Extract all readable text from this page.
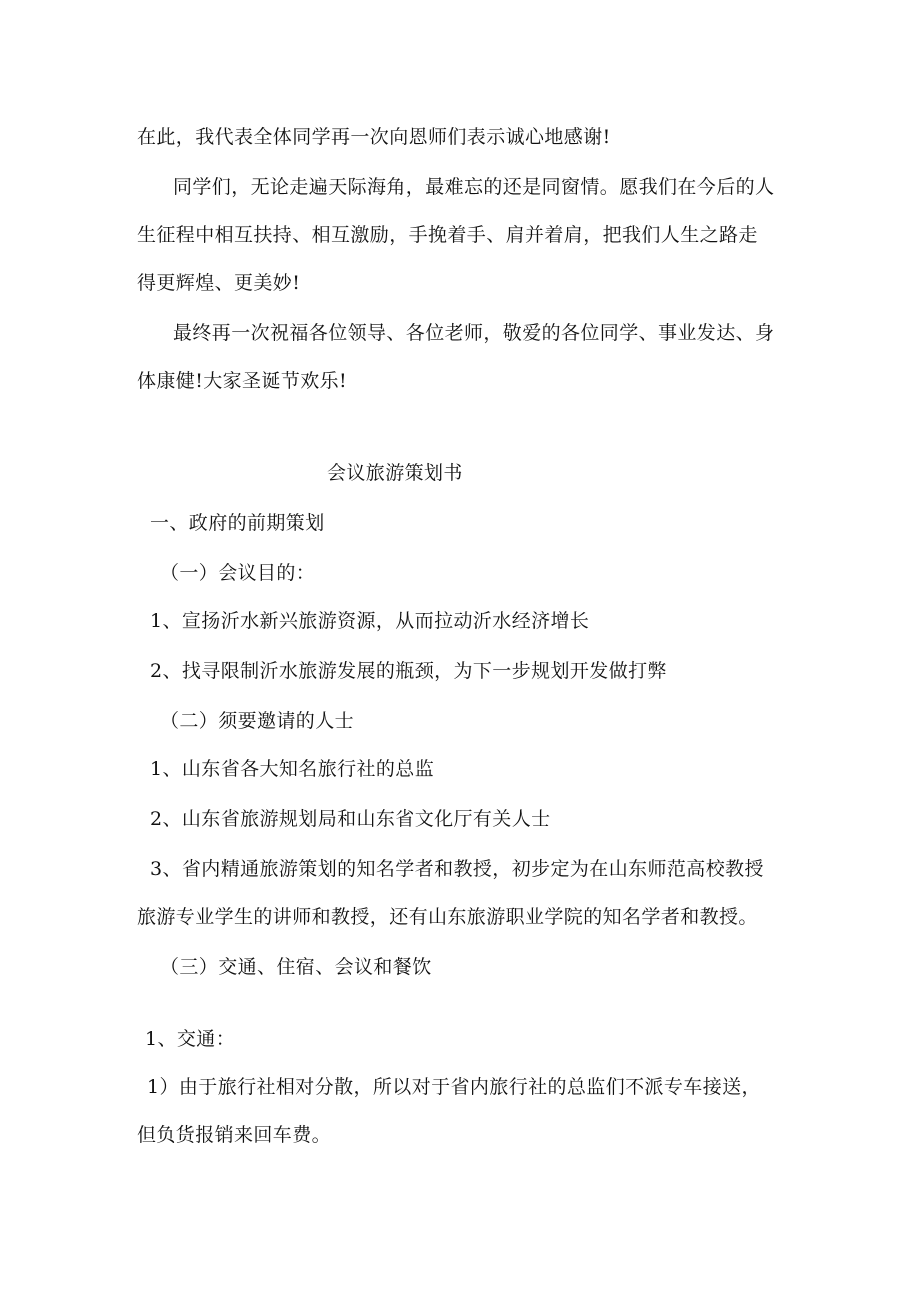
在此，我代表全体同学再一次向恩师们表示诚心地感谢!
同学们，无论走遍天际海角，最难忘的还是同窗情。愿我们在今后的人
生征程中相互扶持、相互激励，手挽着手、肩并着肩，把我们人生之路走
得更辉煌、更美妙!
最终再一次祝福各位领导、各位老师，敬爱的各位同学、事业发达、身
体康健!大家圣诞节欢乐!
会议旅游策划书
一、政府的前期策划
（一）会议目的：
1、宣扬沂水新兴旅游资源，从而拉动沂水经济增长
2、找寻限制沂水旅游发展的瓶颈，为下一步规划开发做打弊
（二）须要邀请的人士
1、山东省各大知名旅行社的总监
2、山东省旅游规划局和山东省文化厅有关人士
3、省内精通旅游策划的知名学者和教授，初步定为在山东师范高校教授
旅游专业学生的讲师和教授，还有山东旅游职业学院的知名学者和教授。
（三）交通、住宿、会议和餐饮
1、交通：
1）由于旅行社相对分散，所以对于省内旅行社的总监们不派专车接送，
但负货报销来回车费。
